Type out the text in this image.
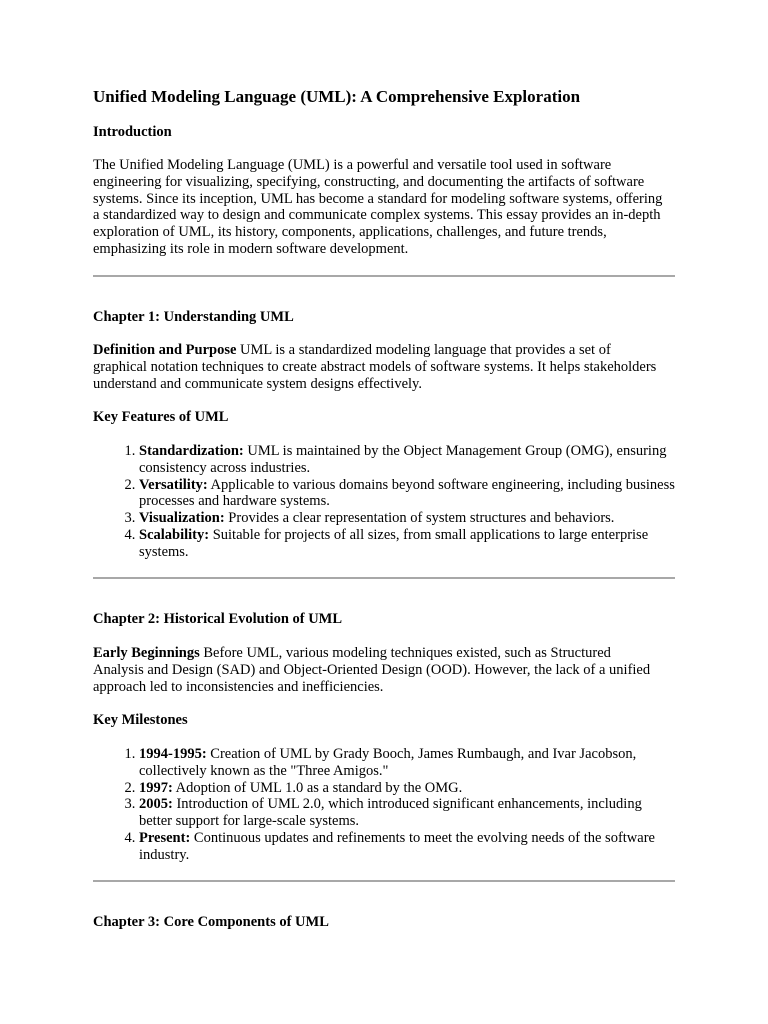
Unified Modeling Language (UML): A Comprehensive Exploration
Introduction

The Unified Modeling Language (UML) is a powerful and versatile tool used in software engineering for visualizing, specifying, constructing, and documenting the artifacts of software systems. Since its inception, UML has become a standard for modeling software systems, offering a standardized way to design and communicate complex systems. This essay provides an in-depth exploration of UML, its history, components, applications, challenges, and future trends, emphasizing its role in modern software development.

Chapter 1: Understanding UML

Definition and Purpose UML is a standardized modeling language that provides a set of graphical notation techniques to create abstract models of software systems. It helps stakeholders understand and communicate system designs effectively.

Key Features of UML
1. Standardization: UML is maintained by the Object Management Group (OMG), ensuring consistency across industries.
2. Versatility: Applicable to various domains beyond software engineering, including business processes and hardware systems.
3. Visualization: Provides a clear representation of system structures and behaviors.
4. Scalability: Suitable for projects of all sizes, from small applications to large enterprise systems.
Chapter 2: Historical Evolution of UML

Early Beginnings Before UML, various modeling techniques existed, such as Structured Analysis and Design (SAD) and Object-Oriented Design (OOD). However, the lack of a unified approach led to inconsistencies and inefficiencies.

Key Milestones
1. 1994-1995: Creation of UML by Grady Booch, James Rumbaugh, and Ivar Jacobson, collectively known as the "Three Amigos."
2. 1997: Adoption of UML 1.0 as a standard by the OMG.
3. 2005: Introduction of UML 2.0, which introduced significant enhancements, including better support for large-scale systems.
4. Present: Continuous updates and refinements to meet the evolving needs of the software industry.
Chapter 3: Core Components of UML
